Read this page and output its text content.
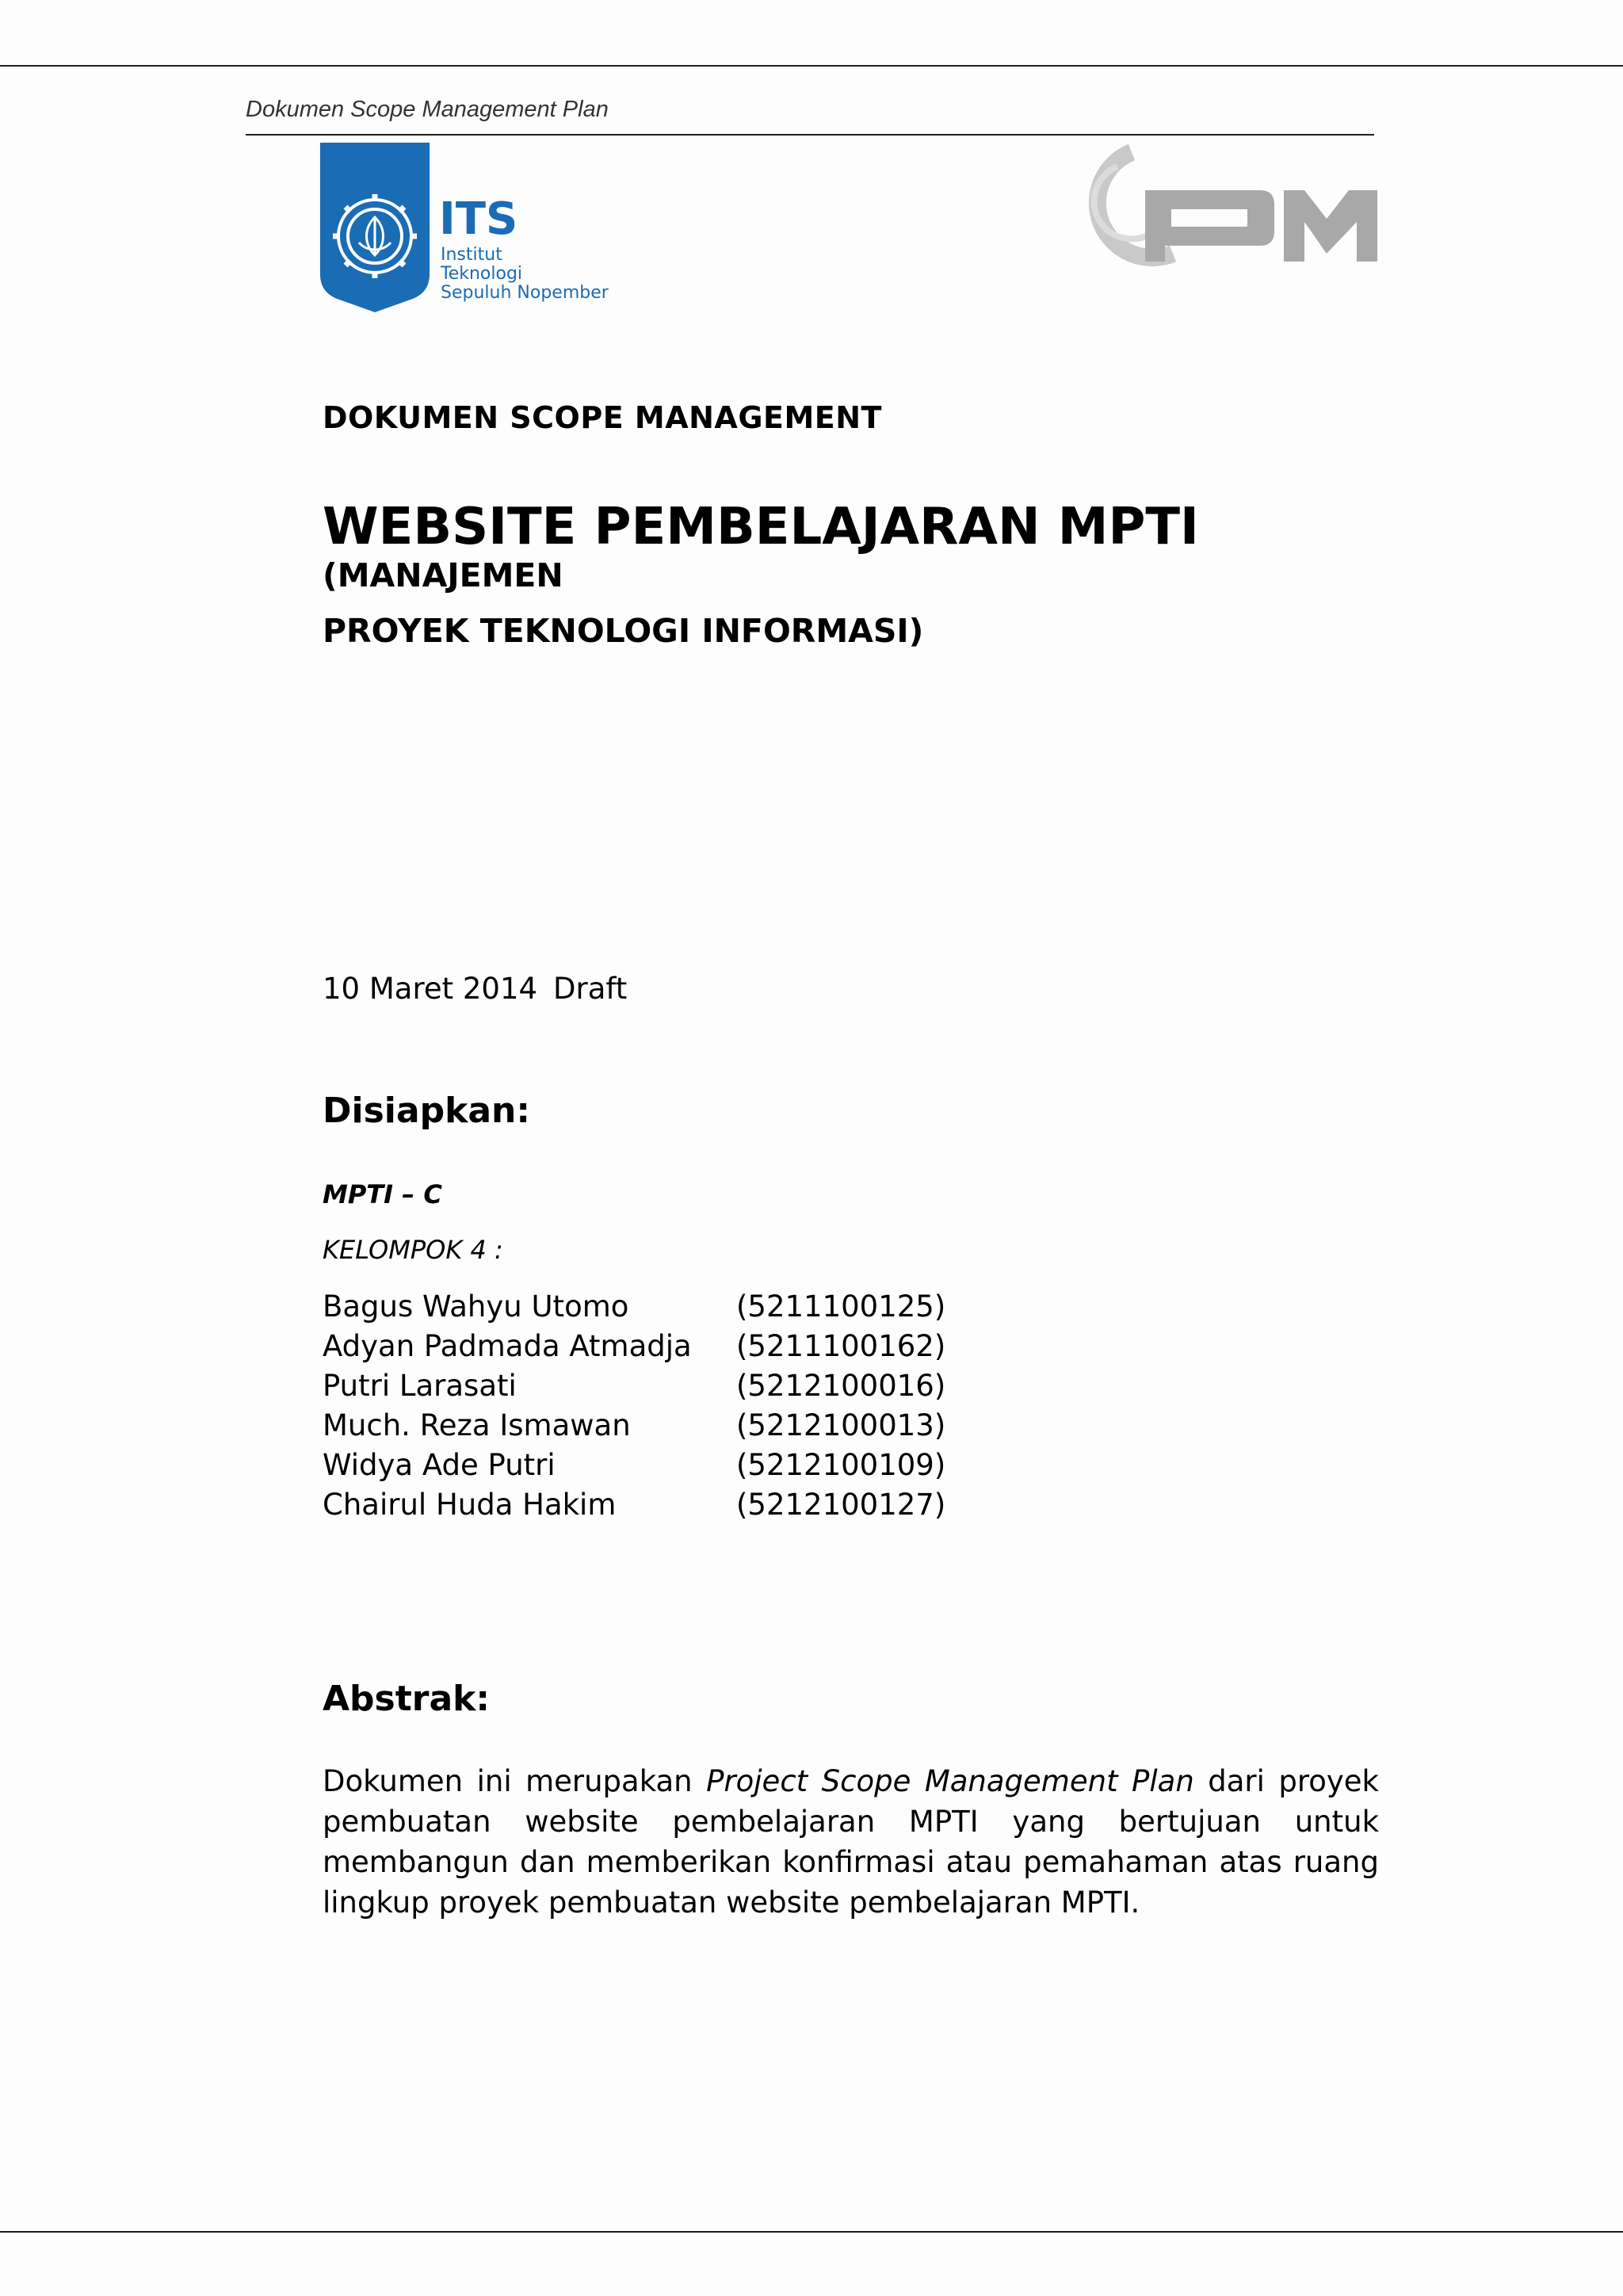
Dokumen Scope Management Plan
ITS
Institut
Teknologi
Sepuluh Nopember
PM
DOKUMEN SCOPE MANAGEMENT
WEBSITE PEMBELAJARAN MPTI (MANAJEMEN
PROYEK TEKNOLOGI INFORMASI)
10 Maret 2014 Draft
Disiapkan:
MPTI – C
KELOMPOK 4 :
Bagus Wahyu Utomo	(5211100125)
Adyan Padmada Atmadja	(5211100162)
Putri Larasati	(5212100016)
Much. Reza Ismawan	(5212100013)
Widya Ade Putri	(5212100109)
Chairul Huda Hakim	(5212100127)
Abstrak:
Dokumen ini merupakan Project Scope Management Plan dari proyek pembuatan website pembelajaran MPTI yang bertujuan untuk membangun dan memberikan konfirmasi atau pemahaman atas ruang lingkup proyek pembuatan website pembelajaran MPTI.
